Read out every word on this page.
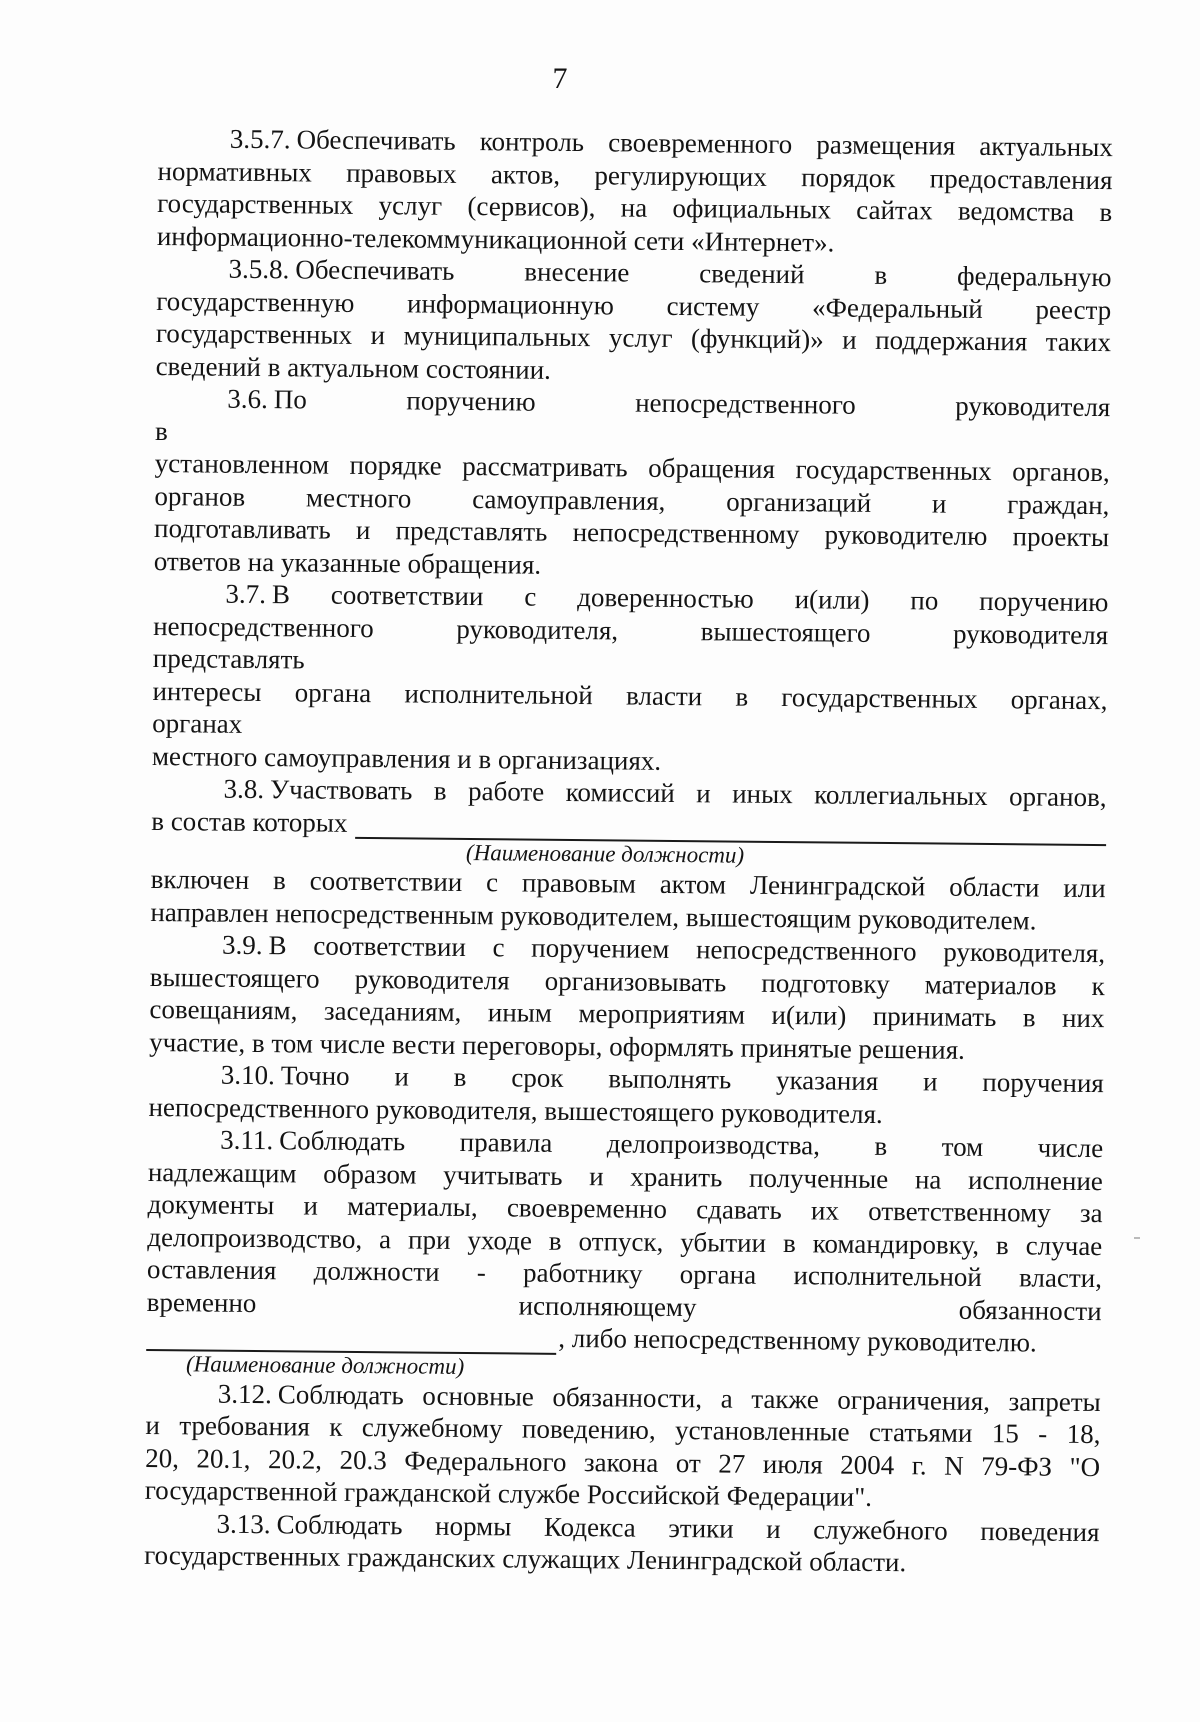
7
3.5.7. Обеспечивать контроль своевременного размещения актуальных
нормативных правовых актов, регулирующих порядок предоставления
государственных услуг (сервисов), на официальных сайтах ведомства в
информационно-телекоммуникационной сети «Интернет».
3.5.8. Обеспечивать внесение сведений в федеральную
государственную информационную систему «Федеральный реестр
государственных и муниципальных услуг (функций)» и поддержания таких
сведений в актуальном состоянии.
3.6. По поручению непосредственного руководителя в
установленном порядке рассматривать обращения государственных органов,
органов местного самоуправления, организаций и граждан,
подготавливать и представлять непосредственному руководителю проекты
ответов на указанные обращения.
3.7. В соответствии с доверенностью и(или) по поручению
непосредственного руководителя, вышестоящего руководителя
представлять
интересы органа исполнительной власти в государственных органах,
органах
местного самоуправления и в организациях.
3.8. Участвовать в работе комиссий и иных коллегиальных органов,
в состав которых
(Наименование должности)
включен в соответствии с правовым актом Ленинградской области или
направлен непосредственным руководителем, вышестоящим руководителем.
3.9. В соответствии с поручением непосредственного руководителя,
вышестоящего руководителя организовывать подготовку материалов к
совещаниям, заседаниям, иным мероприятиям и(или) принимать в них
участие, в том числе вести переговоры, оформлять принятые решения.
3.10. Точно и в срок выполнять указания и поручения
непосредственного руководителя, вышестоящего руководителя.
3.11. Соблюдать правила делопроизводства, в том числе
надлежащим образом учитывать и хранить полученные на исполнение
документы и материалы, своевременно сдавать их ответственному за
делопроизводство, а при уходе в отпуск, убытии в командировку, в случае
оставления должности - работнику органа исполнительной власти,
временно исполняющему обязанности
, либо непосредственному руководителю.
(Наименование должности)
3.12. Соблюдать основные обязанности, а также ограничения, запреты
и требования к служебному поведению, установленные статьями 15 - 18,
20, 20.1, 20.2, 20.3 Федерального закона от 27 июля 2004 г. N 79-ФЗ "О
государственной гражданской службе Российской Федерации".
3.13. Соблюдать нормы Кодекса этики и служебного поведения
государственных гражданских служащих Ленинградской области.
